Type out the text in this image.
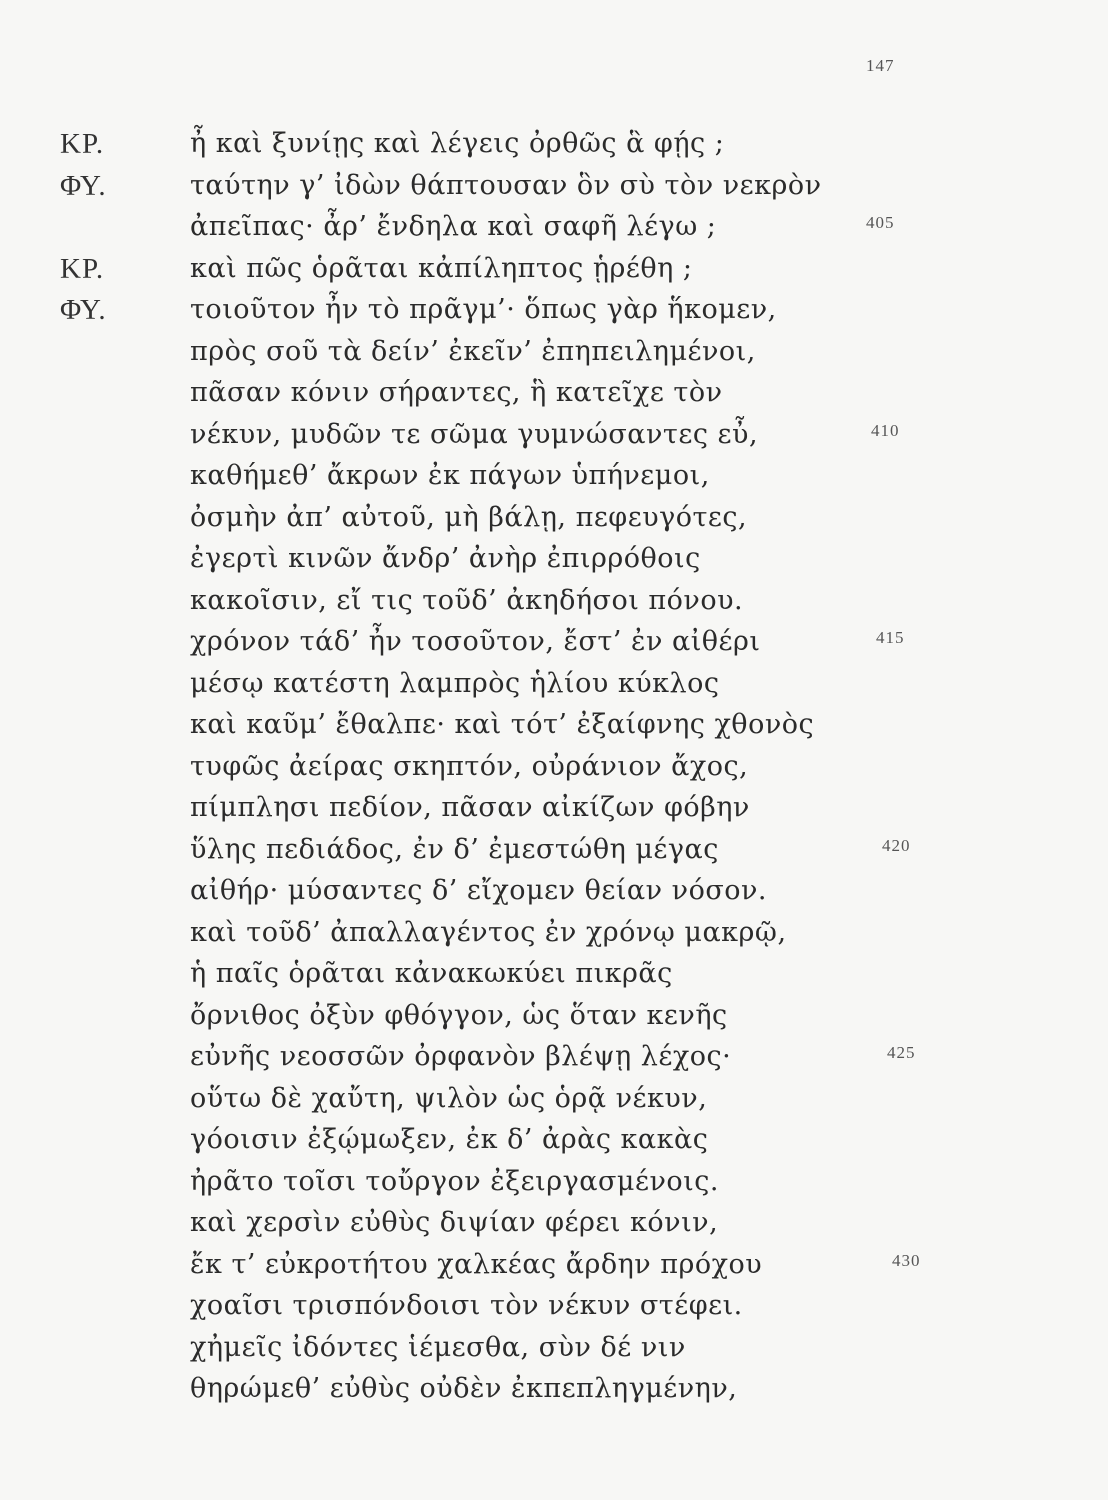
147
ΚΡ.	ἦ καὶ ξυνίῃς καὶ λέγεις ὀρθῶς ἃ φῄς ;
ΦΥ.	ταύτην γ’ ἰδὼν θάπτουσαν ὃν σὺ τὸν νεκρὸν
ἀπεῖπας· ἆρ’ ἔνδηλα καὶ σαφῆ λέγω ;	405
ΚΡ.	καὶ πῶς ὁρᾶται κἀπίληπτος ᾑρέθη ;
ΦΥ.	τοιοῦτον ἦν τὸ πρᾶγμ’· ὅπως γὰρ ἥκομεν,
πρὸς σοῦ τὰ δείν’ ἐκεῖν’ ἐπηπειλημένοι,
πᾶσαν κόνιν σήραντες, ἣ κατεῖχε τὸν
νέκυν, μυδῶν τε σῶμα γυμνώσαντες εὖ,	410
καθήμεθ’ ἄκρων ἐκ πάγων ὑπήνεμοι,
ὀσμὴν ἀπ’ αὐτοῦ, μὴ βάλῃ, πεφευγότες,
ἐγερτὶ κινῶν ἄνδρ’ ἀνὴρ ἐπιρρόθοις
κακοῖσιν, εἴ τις τοῦδ’ ἀκηδήσοι πόνου.
χρόνον τάδ’ ἦν τοσοῦτον, ἔστ’ ἐν αἰθέρι	415
μέσῳ κατέστη λαμπρὸς ἡλίου κύκλος
καὶ καῦμ’ ἔθαλπε· καὶ τότ’ ἐξαίφνης χθονὸς
τυφῶς ἀείρας σκηπτόν, οὐράνιον ἄχος,
πίμπλησι πεδίον, πᾶσαν αἰκίζων φόβην
ὕλης πεδιάδος, ἐν δ’ ἐμεστώθη μέγας	420
αἰθήρ· μύσαντες δ’ εἴχομεν θείαν νόσον.
καὶ τοῦδ’ ἀπαλλαγέντος ἐν χρόνῳ μακρῷ,
ἡ παῖς ὁρᾶται κἀνακωκύει πικρᾶς
ὄρνιθος ὀξὺν φθόγγον, ὡς ὅταν κενῆς
εὐνῆς νεοσσῶν ὀρφανὸν βλέψῃ λέχος·	425
οὕτω δὲ χαὔτη, ψιλὸν ὡς ὁρᾷ νέκυν,
γόοισιν ἐξῴμωξεν, ἐκ δ’ ἀρὰς κακὰς
ἠρᾶτο τοῖσι τοὔργον ἐξειργασμένοις.
καὶ χερσὶν εὐθὺς διψίαν φέρει κόνιν,
ἔκ τ’ εὐκροτήτου χαλκέας ἄρδην πρόχου	430
χοαῖσι τρισπόνδοισι τὸν νέκυν στέφει.
χἠμεῖς ἰδόντες ἱέμεσθα, σὺν δέ νιν
θηρώμεθ’ εὐθὺς οὐδὲν ἐκπεπληγμένην,
